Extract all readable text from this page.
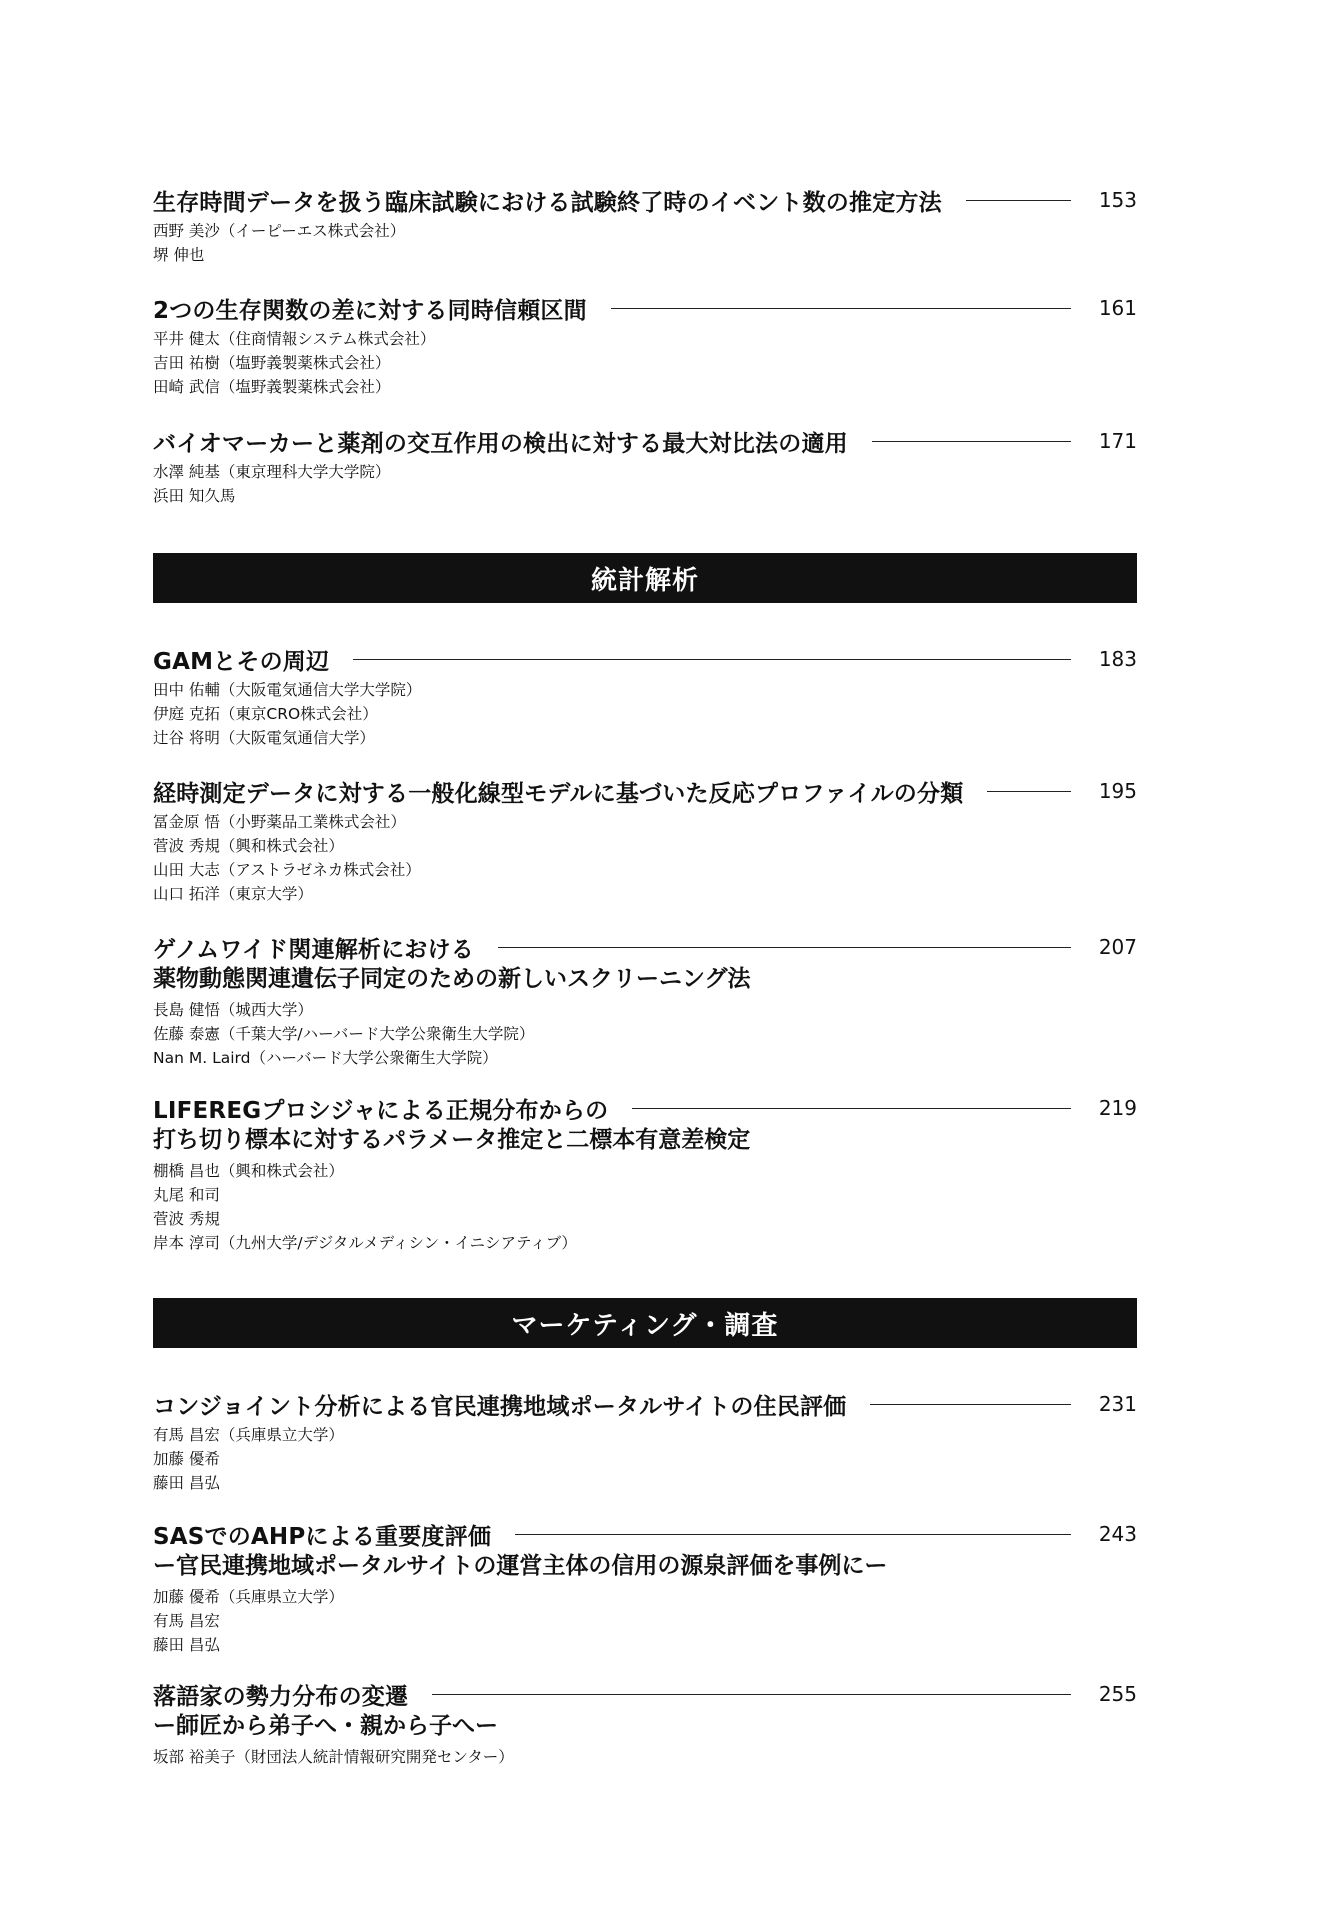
生存時間データを扱う臨床試験における試験終了時のイベント数の推定方法	153
西野 美沙（イーピーエス株式会社）
堺 伸也
2つの生存関数の差に対する同時信頼区間	161
平井 健太（住商情報システム株式会社）
吉田 祐樹（塩野義製薬株式会社）
田崎 武信（塩野義製薬株式会社）
バイオマーカーと薬剤の交互作用の検出に対する最大対比法の適用	171
水澤 純基（東京理科大学大学院）
浜田 知久馬
統計解析
GAMとその周辺	183
田中 佑輔（大阪電気通信大学大学院）
伊庭 克拓（東京CRO株式会社）
辻谷 将明（大阪電気通信大学）
経時測定データに対する一般化線型モデルに基づいた反応プロファイルの分類	195
冨金原 悟（小野薬品工業株式会社）
菅波 秀規（興和株式会社）
山田 大志（アストラゼネカ株式会社）
山口 拓洋（東京大学）
ゲノムワイド関連解析における	207
薬物動態関連遺伝子同定のための新しいスクリーニング法
長島 健悟（城西大学）
佐藤 泰憲（千葉大学/ハーバード大学公衆衛生大学院）
Nan M. Laird（ハーバード大学公衆衛生大学院）
LIFEREGプロシジャによる正規分布からの	219
打ち切り標本に対するパラメータ推定と二標本有意差検定
棚橋 昌也（興和株式会社）
丸尾 和司
菅波 秀規
岸本 淳司（九州大学/デジタルメディシン・イニシアティブ）
マーケティング・調査
コンジョイント分析による官民連携地域ポータルサイトの住民評価	231
有馬 昌宏（兵庫県立大学）
加藤 優希
藤田 昌弘
SASでのAHPによる重要度評価	243
ー官民連携地域ポータルサイトの運営主体の信用の源泉評価を事例にー
加藤 優希（兵庫県立大学）
有馬 昌宏
藤田 昌弘
落語家の勢力分布の変遷	255
ー師匠から弟子へ・親から子へー
坂部 裕美子（財団法人統計情報研究開発センター）
